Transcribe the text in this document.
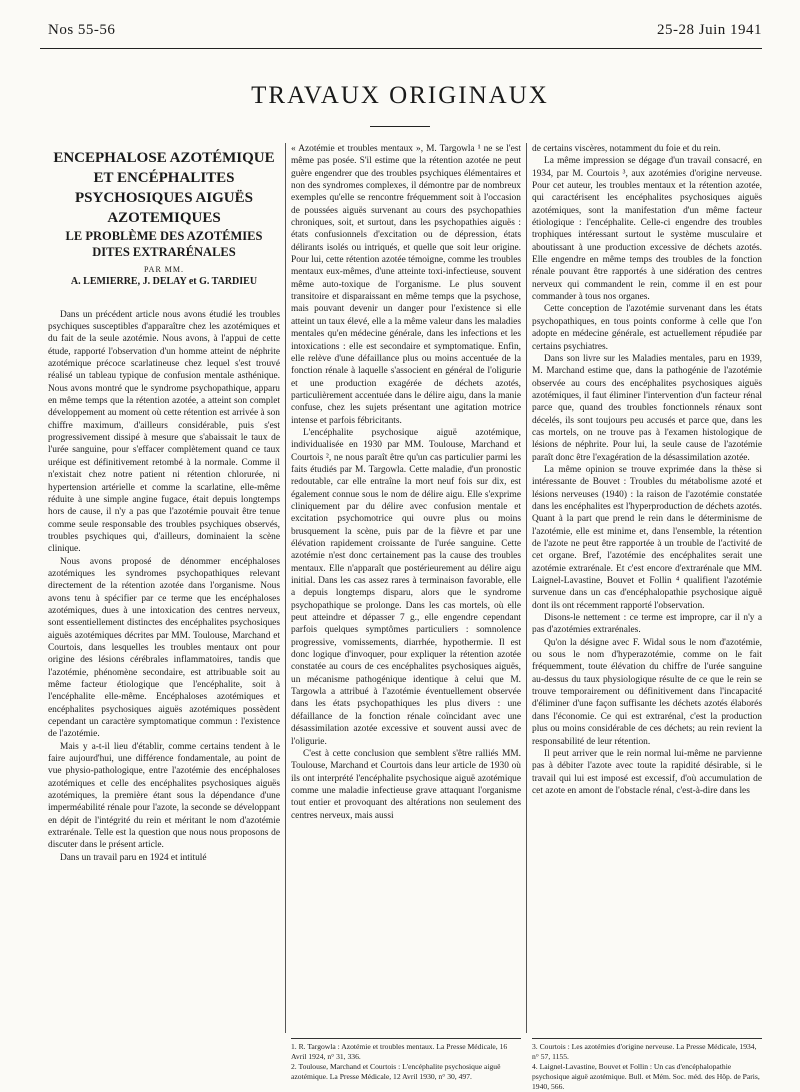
Nos 55-56	25-28 Juin 1941
TRAVAUX ORIGINAUX

ENCEPHALOSE AZOTÉMIQUE

ET ENCÉPHALITES

PSYCHOSIQUES AIGUËS

AZOTEMIQUES

LE PROBLÈME DES AZOTÉMIES

DITES EXTRARÉNALES

PAR MM.

A. LEMIERRE, J. DELAY et G. TARDIEU

Dans un précédent article nous avons étudié les troubles psychiques susceptibles d'apparaître chez les azotémiques et du fait de la seule azotémie. Nous avons, à l'appui de cette étude, rapporté l'observation d'un homme atteint de néphrite azotémique précoce scarlatineuse chez lequel s'est trouvé réalisé un tableau typique de confusion mentale asthénique. Nous avons montré que le syndrome psychopathique, apparu en même temps que la rétention azotée, a atteint son complet développement au moment où cette rétention est arrivée à son chiffre maximum, d'ailleurs considérable, puis s'est progressivement dissipé à mesure que s'abaissait le taux de l'urée sanguine, pour s'effacer complètement quand ce taux uréique est définitivement retombé à la normale. Comme il n'existait chez notre patient ni rétention chlorurée, ni hypertension artérielle et comme la scarlatine, elle-même réduite à une simple angine fugace, était depuis longtemps hors de cause, il n'y a pas que l'azotémie pouvait être tenue comme seule responsable des troubles psychiques observés, troubles psychiques qui, d'ailleurs, dominaient la scène clinique.

Nous avons proposé de dénommer encéphaloses azotémiques les syndromes psychopathiques relevant directement de la rétention azotée dans l'organisme. Nous avons tenu à spécifier par ce terme que les encéphaloses azotémiques, dues à une intoxication des centres nerveux, sont essentiellement distinctes des encéphalites psychosiques aiguës azotémiques décrites par MM. Toulouse, Marchand et Courtois, dans lesquelles les troubles mentaux ont pour origine des lésions cérébrales inflammatoires, tandis que l'azotémie, phénomène secondaire, est attribuable soit au même facteur étiologique que l'encéphalite, soit à l'encéphalite elle-même. Encéphaloses azotémiques et encéphalites psychosiques aiguës azotémiques possèdent cependant un caractère symptomatique commun : l'existence de l'azotémie.

Mais y a-t-il lieu d'établir, comme certains tendent à le faire aujourd'hui, une différence fondamentale, au point de vue physio-pathologique, entre l'azotémie des encéphaloses azotémiques et celle des encéphalites psychosiques aiguës azotémiques, la première étant sous la dépendance d'une imperméabilité rénale pour l'azote, la seconde se développant en dépit de l'intégrité du rein et méritant le nom d'azotémie extrarénale. Telle est la question que nous nous proposons de discuter dans le présent article.

Dans un travail paru en 1924 et intitulé

« Azotémie et troubles mentaux », M. Targowla ¹ ne se l'est même pas posée. S'il estime que la rétention azotée ne peut guère engendrer que des troubles psychiques élémentaires et non des syndromes complexes, il démontre par de nombreux exemples qu'elle se rencontre fréquemment soit à l'occasion de poussées aiguës survenant au cours des psychopathies chroniques, soit, et surtout, dans les psychopathies aiguës : états confusionnels d'excitation ou de dépression, états délirants isolés ou intriqués, et quelle que soit leur origine. Pour lui, cette rétention azotée témoigne, comme les troubles mentaux eux-mêmes, d'une atteinte toxi-infectieuse, souvent même auto-toxique de l'organisme. Le plus souvent transitoire et disparaissant en même temps que la psychose, mais pouvant devenir un danger pour l'existence si elle atteint un taux élevé, elle a la même valeur dans les maladies mentales qu'en médecine générale, dans les infections et les intoxications : elle est secondaire et symptomatique. Enfin, elle relève d'une défaillance plus ou moins accentuée de la fonction rénale à laquelle s'associent en général de l'oligurie et une production exagérée de déchets azotés, particulièrement accentuée dans le délire aigu, dans la manie confuse, chez les sujets présentant une agitation motrice intense et parfois fébricitants.

L'encéphalite psychosique aiguë azotémique, individualisée en 1930 par MM. Toulouse, Marchand et Courtois ², ne nous paraît être qu'un cas particulier parmi les faits étudiés par M. Targowla. Cette maladie, d'un pronostic redoutable, car elle entraîne la mort neuf fois sur dix, est également connue sous le nom de délire aigu. Elle s'exprime cliniquement par du délire avec confusion mentale et excitation psychomotrice qui ouvre plus ou moins brusquement la scène, puis par de la fièvre et par une élévation rapidement croissante de l'urée sanguine. Cette azotémie n'est donc certainement pas la cause des troubles mentaux. Elle n'apparaît que postérieurement au délire aigu initial. Dans les cas assez rares à terminaison favorable, elle a depuis longtemps disparu, alors que le syndrome psychopathique se prolonge. Dans les cas mortels, où elle peut atteindre et dépasser 7 g., elle engendre cependant parfois quelques symptômes particuliers : somnolence progressive, vomissements, diarrhée, hypothermie. Il est donc logique d'invoquer, pour expliquer la rétention azotée constatée au cours de ces encéphalites psychosiques aiguës, un mécanisme pathogénique identique à celui que M. Targowla a attribué à l'azotémie éventuellement observée dans les états psychopathiques les plus divers : une défaillance de la fonction rénale coïncidant avec une désassimilation azotée excessive et souvent aussi avec de l'oligurie.

C'est à cette conclusion que semblent s'être ralliés MM. Toulouse, Marchand et Courtois dans leur article de 1930 où ils ont interprété l'encéphalite psychosique aiguë azotémique comme une maladie infectieuse grave attaquant l'organisme tout entier et provoquant des altérations non seulement des centres nerveux, mais aussi

de certains viscères, notamment du foie et du rein.

La même impression se dégage d'un travail consacré, en 1934, par M. Courtois ³, aux azotémies d'origine nerveuse. Pour cet auteur, les troubles mentaux et la rétention azotée, qui caractérisent les encéphalites psychosiques aiguës azotémiques, sont la manifestation d'un même facteur étiologique : l'encéphalite. Celle-ci engendre des troubles trophiques intéressant surtout le système musculaire et aboutissant à une production excessive de déchets azotés. Elle engendre en même temps des troubles de la fonction rénale pouvant être rapportés à une sidération des centres nerveux qui commandent le rein, comme il en est pour commander à tous nos organes.

Cette conception de l'azotémie survenant dans les états psychopathiques, en tous points conforme à celle que l'on adopte en médecine générale, est actuellement répudiée par certains psychiatres.

Dans son livre sur les Maladies mentales, paru en 1939, M. Marchand estime que, dans la pathogénie de l'azotémie observée au cours des encéphalites psychosiques aiguës azotémiques, il faut éliminer l'intervention d'un facteur rénal parce que, quand des troubles fonctionnels rénaux sont décelés, ils sont toujours peu accusés et parce que, dans les cas mortels, on ne trouve pas à l'examen histologique de lésions de néphrite. Pour lui, la seule cause de l'azotémie paraît donc être l'exagération de la désassimilation azotée.

La même opinion se trouve exprimée dans la thèse si intéressante de Bouvet : Troubles du métabolisme azoté et lésions nerveuses (1940) : la raison de l'azotémie constatée dans les encéphalites est l'hyperproduction de déchets azotés. Quant à la part que prend le rein dans le déterminisme de l'azotémie, elle est minime et, dans l'ensemble, la rétention de l'azote ne peut être rapportée à un trouble de l'activité de cet organe. Bref, l'azotémie des encéphalites serait une azotémie extrarénale. Et c'est encore d'extrarénale que MM. Laignel-Lavastine, Bouvet et Follin ⁴ qualifient l'azotémie survenue dans un cas d'encéphalopathie psychosique aiguë dont ils ont récemment rapporté l'observation.

Disons-le nettement : ce terme est impropre, car il n'y a pas d'azotémies extrarénales.

Qu'on la désigne avec F. Widal sous le nom d'azotémie, ou sous le nom d'hyperazotémie, comme on le fait fréquemment, toute élévation du chiffre de l'urée sanguine au-dessus du taux physiologique résulte de ce que le rein se trouve temporairement ou définitivement dans l'incapacité d'éliminer d'une façon suffisante les déchets azotés élaborés dans l'économie. Ce qui est extrarénal, c'est la production plus ou moins considérable de ces déchets; au rein revient la responsabilité de leur rétention.

Il peut arriver que le rein normal lui-même ne parvienne pas à débiter l'azote avec toute la rapidité désirable, si le travail qui lui est imposé est excessif, d'où accumulation de cet azote en amont de l'obstacle rénal, c'est-à-dire dans les

1. R. Targowla : Azotémie et troubles mentaux. La Presse Médicale, 16 Avril 1924, n° 31, 336.

2. Toulouse, Marchand et Courtois : L'encéphalite psychosique aiguë azotémique. La Presse Médicale, 12 Avril 1930, n° 30, 497.

3. Courtois : Les azotémies d'origine nerveuse. La Presse Médicale, 1934, n° 57, 1155.

4. Laignel-Lavastine, Bouvet et Follin : Un cas d'encéphalopathie psychosique aiguë azotémique. Bull. et Mém. Soc. méd. des Hôp. de Paris, 1940, 566.
